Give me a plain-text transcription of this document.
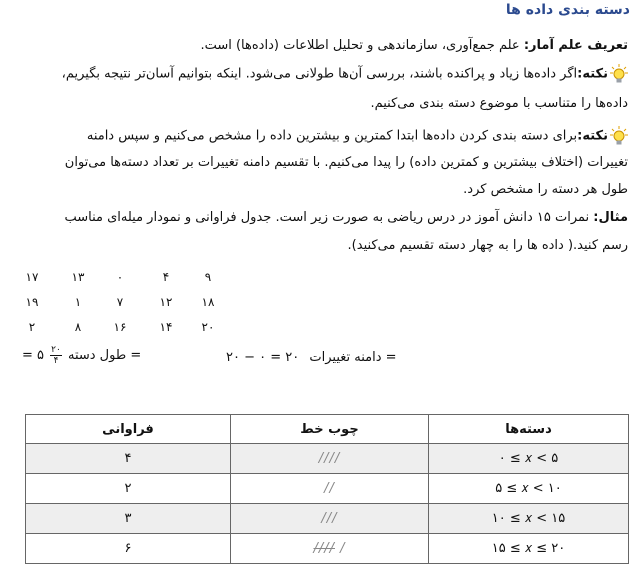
دسته بندی داده ها
تعریف علم آمار: علم جمع‌آوری، سازماندهی و تحلیل اطلاعات (داده‌ها) است.
نکته:اگر داده‌ها زیاد و پراکنده باشند، بررسی آن‌ها طولانی می‌شود. اینکه بتوانیم آسان‌تر نتیجه بگیریم،
داده‌ها را متناسب با موضوع دسته بندی می‌کنیم.
نکته:برای دسته بندی کردن داده‌ها ابتدا کمترین و بیشترین داده را مشخص می‌کنیم و سپس دامنه
تغییرات (اختلاف بیشترین و کمترین داده) را پیدا می‌کنیم. با تقسیم دامنه تغییرات بر تعداد دسته‌ها می‌توان
طول هر دسته را مشخص کرد.
مثال: نمرات ۱۵ دانش آموز در درس ریاضی به صورت زیر است. جدول فراوانی و نمودار میله‌ای مناسب
رسم کنید.( داده ها را به چهار دسته تقسیم می‌کنید).
۱۷	۱۳	۰	۴	۹
۱۹	۱	۷	۱۲	۱۸
۲	۸	۱۶	۱۴	۲۰
= دامنه تغییرات ۲۰ − ۰ = ۲۰
= ۵ $\frac{۲۰}{۴}$ = طول دسته
دسته‌ها	چوب خط	فراوانی
۰ ≤ 𝑥 < ۵	////	۴
۵ ≤ 𝑥 < ۱۰	//	۲
۱۰ ≤ 𝑥 < ۱۵	///	۳
۱۵ ≤ 𝑥 ≤ ۲۰	//// /	۶
